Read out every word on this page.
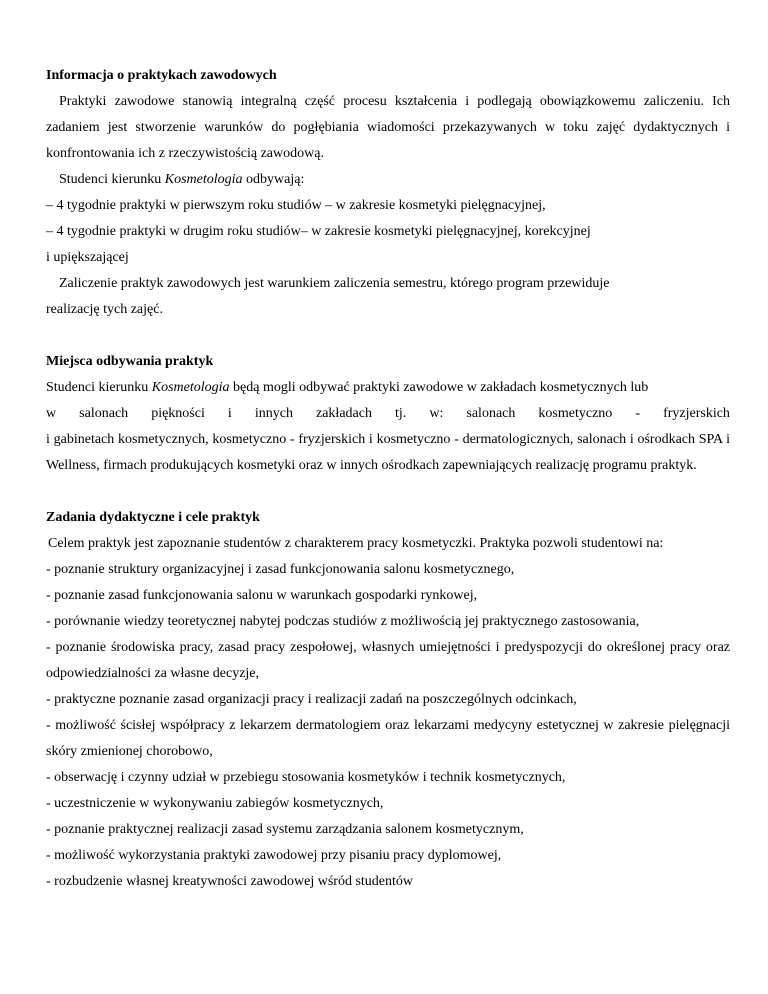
Informacja o praktykach zawodowych

Praktyki zawodowe stanowią integralną część procesu kształcenia i podlegają obowiązkowemu zaliczeniu. Ich zadaniem jest stworzenie warunków do pogłębiania wiadomości przekazywanych w toku zajęć dydaktycznych i konfrontowania ich z rzeczywistością zawodową.

Studenci kierunku Kosmetologia odbywają:

– 4 tygodnie praktyki w pierwszym roku studiów – w zakresie kosmetyki pielęgnacyjnej,

– 4 tygodnie praktyki w drugim roku studiów– w zakresie kosmetyki pielęgnacyjnej, korekcyjnej

i upiększającej

Zaliczenie praktyk zawodowych jest warunkiem zaliczenia semestru, którego program przewiduje realizację tych zajęć.

Miejsca odbywania praktyk

Studenci kierunku Kosmetologia będą mogli odbywać praktyki zawodowe w zakładach kosmetycznych lub

w salonach piękności i innych zakładach tj. w: salonach kosmetyczno - fryzjerskich

i gabinetach kosmetycznych, kosmetyczno - fryzjerskich i kosmetyczno - dermatologicznych, salonach i ośrodkach SPA i Wellness, firmach produkujących kosmetyki oraz w innych ośrodkach zapewniających realizację programu praktyk.

Zadania dydaktyczne i cele praktyk

Celem praktyk jest zapoznanie studentów z charakterem pracy kosmetyczki. Praktyka pozwoli studentowi na:

- poznanie struktury organizacyjnej i zasad funkcjonowania salonu kosmetycznego,

- poznanie zasad funkcjonowania salonu w warunkach gospodarki rynkowej,

- porównanie wiedzy teoretycznej nabytej podczas studiów z możliwością jej praktycznego zastosowania,

- poznanie środowiska pracy, zasad pracy zespołowej, własnych umiejętności i predyspozycji do określonej pracy oraz odpowiedzialności za własne decyzje,

- praktyczne poznanie zasad organizacji pracy i realizacji zadań na poszczególnych odcinkach,

- możliwość ścisłej współpracy z lekarzem dermatologiem oraz lekarzami medycyny estetycznej w zakresie pielęgnacji skóry zmienionej chorobowo,

- obserwację i czynny udział w przebiegu stosowania kosmetyków i technik kosmetycznych,

- uczestniczenie w wykonywaniu zabiegów kosmetycznych,

- poznanie praktycznej realizacji zasad systemu zarządzania salonem kosmetycznym,

- możliwość wykorzystania praktyki zawodowej przy pisaniu pracy dyplomowej,

- rozbudzenie własnej kreatywności zawodowej wśród studentów
